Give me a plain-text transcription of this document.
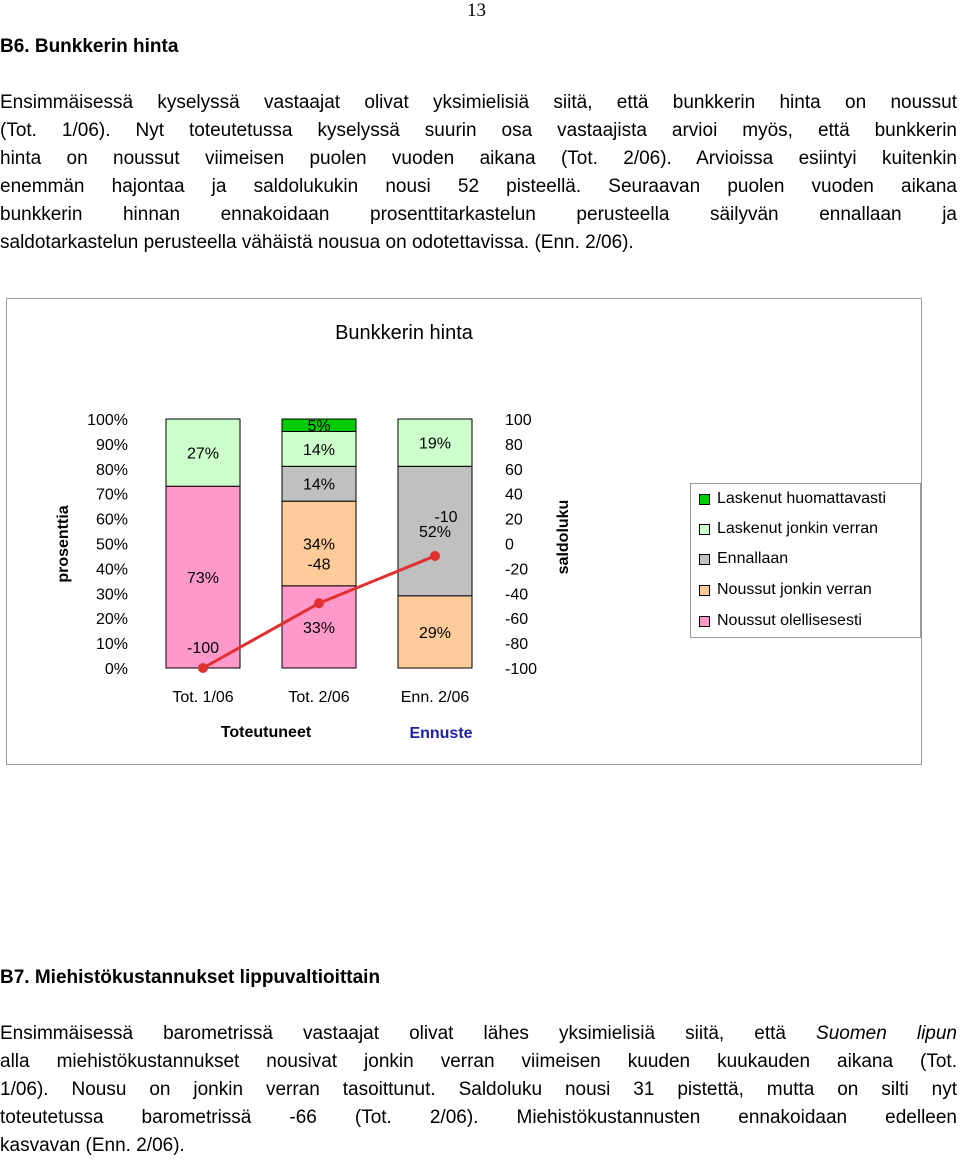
13
B6. Bunkkerin hinta
Ensimmäisessä kyselyssä vastaajat olivat yksimielisiä siitä, että bunkkerin hinta on noussut
(Tot. 1/06). Nyt toteutetussa kyselyssä suurin osa vastaajista arvioi myös, että bunkkerin
hinta on noussut viimeisen puolen vuoden aikana (Tot. 2/06). Arvioissa esiintyi kuitenkin
enemmän hajontaa ja saldolukukin nousi 52 pisteellä. Seuraavan puolen vuoden aikana
bunkkerin hinnan ennakoidaan prosenttitarkastelun perusteella säilyvän ennallaan ja
saldotarkastelun perusteella vähäistä nousua on odotettavissa. (Enn. 2/06).
Bunkkerin hinta
prosenttia	saldoluku
0%
10%
20%
30%
40%
50%
60%
70%
80%
90%
100%
-100
-80
-60
-40
-20
0
20
40
60
80
100
73%
27%
33%
34%
14%
14%
5%
29%
52%
19%
-100
-48
-10
Tot. 1/06	Tot. 2/06	Enn. 2/06
Toteutuneet	Ennuste
Laskenut huomattavasti
Laskenut jonkin verran
Ennallaan
Noussut jonkin verran
Noussut olellisesesti
B7. Miehistökustannukset lippuvaltioittain
Ensimmäisessä barometrissä vastaajat olivat lähes yksimielisiä siitä, että Suomen lipun
alla miehistökustannukset nousivat jonkin verran viimeisen kuuden kuukauden aikana (Tot.
1/06). Nousu on jonkin verran tasoittunut. Saldoluku nousi 31 pistettä, mutta on silti nyt
toteutetussa barometrissä -66 (Tot. 2/06). Miehistökustannusten ennakoidaan edelleen
kasvavan (Enn. 2/06).
